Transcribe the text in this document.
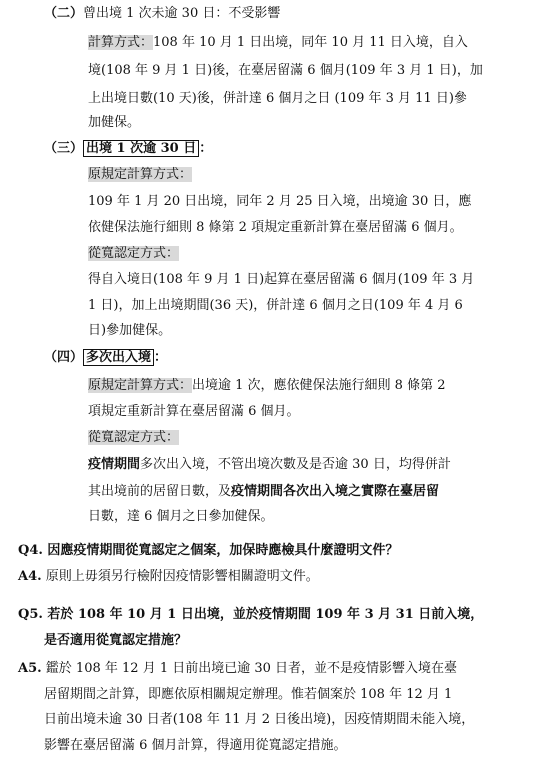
（二）曾出境 1 次未逾 30 日：不受影響
計算方式：108 年 10 月 1 日出境，同年 10 月 11 日入境，自入
境(108 年 9 月 1 日)後，在臺居留滿 6 個月(109 年 3 月 1 日)，加
上出境日數(10 天)後，併計達 6 個月之日 (109 年 3 月 11 日)參
加健保。
（三） 出境 1 次逾 30 日 ：
原規定計算方式：
109 年 1 月 20 日出境，同年 2 月 25 日入境，出境逾 30 日，應
依健保法施行細則 8 條第 2 項規定重新計算在臺居留滿 6 個月。
從寬認定方式：
得自入境日(108 年 9 月 1 日)起算在臺居留滿 6 個月(109 年 3 月
1 日)，加上出境期間(36 天)，併計達 6 個月之日(109 年 4 月 6
日)參加健保。
（四） 多次出入境 ：
原規定計算方式：出境逾 1 次，應依健保法施行細則 8 條第 2
項規定重新計算在臺居留滿 6 個月。
從寬認定方式：
疫情期間多次出入境，不管出境次數及是否逾 30 日，均得併計
其出境前的居留日數，及疫情期間各次出入境之實際在臺居留
日數，達 6 個月之日參加健保。
Q4. 因應疫情期間從寬認定之個案，加保時應檢具什麼證明文件？
A4. 原則上毋須另行檢附因疫情影響相關證明文件。
Q5. 若於 108 年 10 月 1 日出境，並於疫情期間 109 年 3 月 31 日前入境，
是否適用從寬認定措施？
A5. 鑑於 108 年 12 月 1 日前出境已逾 30 日者，並不是疫情影響入境在臺
居留期間之計算，即應依原相關規定辦理。惟若個案於 108 年 12 月 1
日前出境未逾 30 日者(108 年 11 月 2 日後出境)，因疫情期間未能入境，
影響在臺居留滿 6 個月計算，得適用從寬認定措施。
